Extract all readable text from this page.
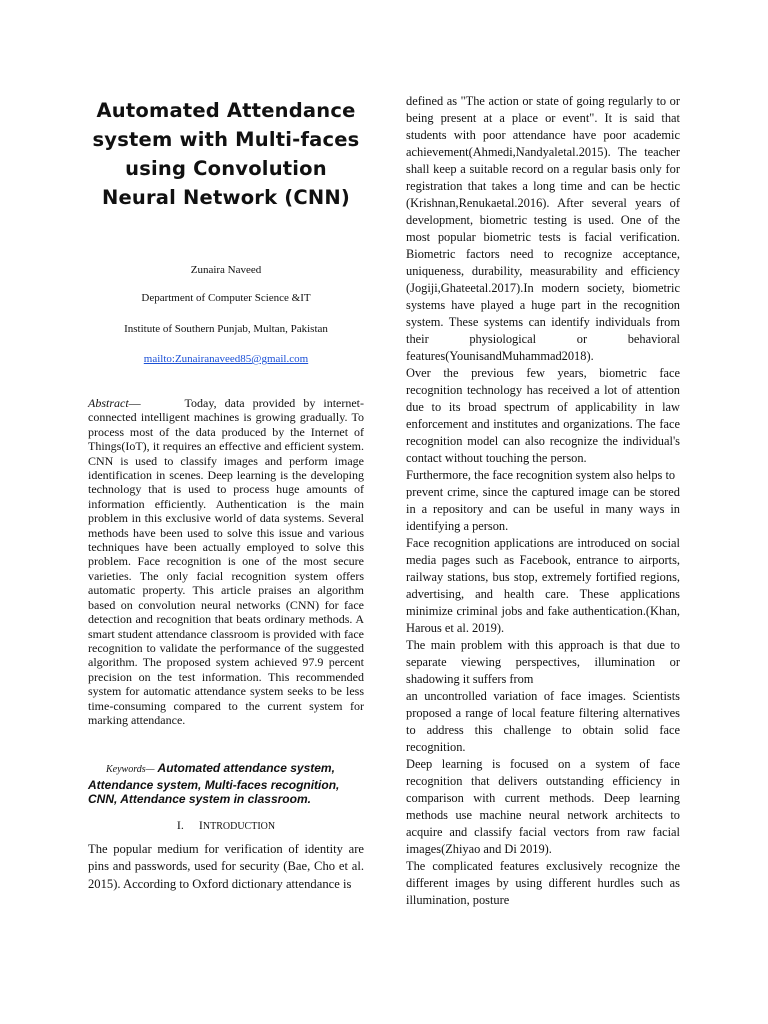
Automated Attendance
system with Multi-faces
using Convolution
Neural Network (CNN)
Zunaira Naveed
Department of Computer Science &IT
Institute of Southern Punjab, Multan, Pakistan
mailto:Zunairanaveed85@gmail.com
Abstract—	Today, data provided by internet-connected intelligent machines is growing gradually. To process most of the data produced by the Internet of Things(IoT), it requires an effective and efficient system. CNN is used to classify images and perform image identification in scenes. Deep learning is the developing technology that is used to process huge amounts of information efficiently. Authentication is the main problem in this exclusive world of data systems. Several methods have been used to solve this issue and various techniques have been actually employed to solve this problem. Face recognition is one of the most secure varieties. The only facial recognition system offers automatic property. This article praises an algorithm based on convolution neural networks (CNN) for face detection and recognition that beats ordinary methods. A smart student attendance classroom is provided with face recognition to validate the performance of the suggested algorithm. The proposed system achieved 97.9 percent precision on the test information. This recommended system for automatic attendance system seeks to be less time-consuming compared to the current system for marking attendance.
Keywords— Automated attendance system, Attendance system, Multi-faces recognition, CNN, Attendance system in classroom.
I. INTRODUCTION
The popular medium for verification of identity are pins and passwords, used for security (Bae, Cho et al. 2015). According to Oxford dictionary attendance is

defined as "The action or state of going regularly to or being present at a place or event". It is said that students with poor attendance have poor academic achievement(Ahmedi,Nandyaletal.2015). The teacher shall keep a suitable record on a regular basis only for registration that takes a long time and can be hectic (Krishnan,Renukaetal.2016). After several years of development, biometric testing is used. One of the most popular biometric tests is facial verification. Biometric factors need to recognize acceptance, uniqueness, durability, measurability and efficiency (Jogiji,Ghateetal.2017).In modern society, biometric systems have played a huge part in the recognition system. These systems can identify individuals from their physiological or behavioral features(YounisandMuhammad2018).

Over the previous few years, biometric face recognition technology has received a lot of attention due to its broad spectrum of applicability in law enforcement and institutes and organizations. The face recognition model can also recognize the individual's contact without touching the person.

Furthermore, the face recognition system also helps to

prevent crime, since the captured image can be stored in a repository and can be useful in many ways in identifying a person.

Face recognition applications are introduced on social media pages such as Facebook, entrance to airports, railway stations, bus stop, extremely fortified regions, advertising, and health care. These applications minimize criminal jobs and fake authentication.(Khan, Harous et al. 2019).

The main problem with this approach is that due to separate viewing perspectives, illumination or shadowing it suffers from

an uncontrolled variation of face images. Scientists proposed a range of local feature filtering alternatives to address this challenge to obtain solid face recognition.

Deep learning is focused on a system of face recognition that delivers outstanding efficiency in comparison with current methods. Deep learning methods use machine neural network architects to acquire and classify facial vectors from raw facial images(Zhiyao and Di 2019).

The complicated features exclusively recognize the different images by using different hurdles such as illumination, posture
